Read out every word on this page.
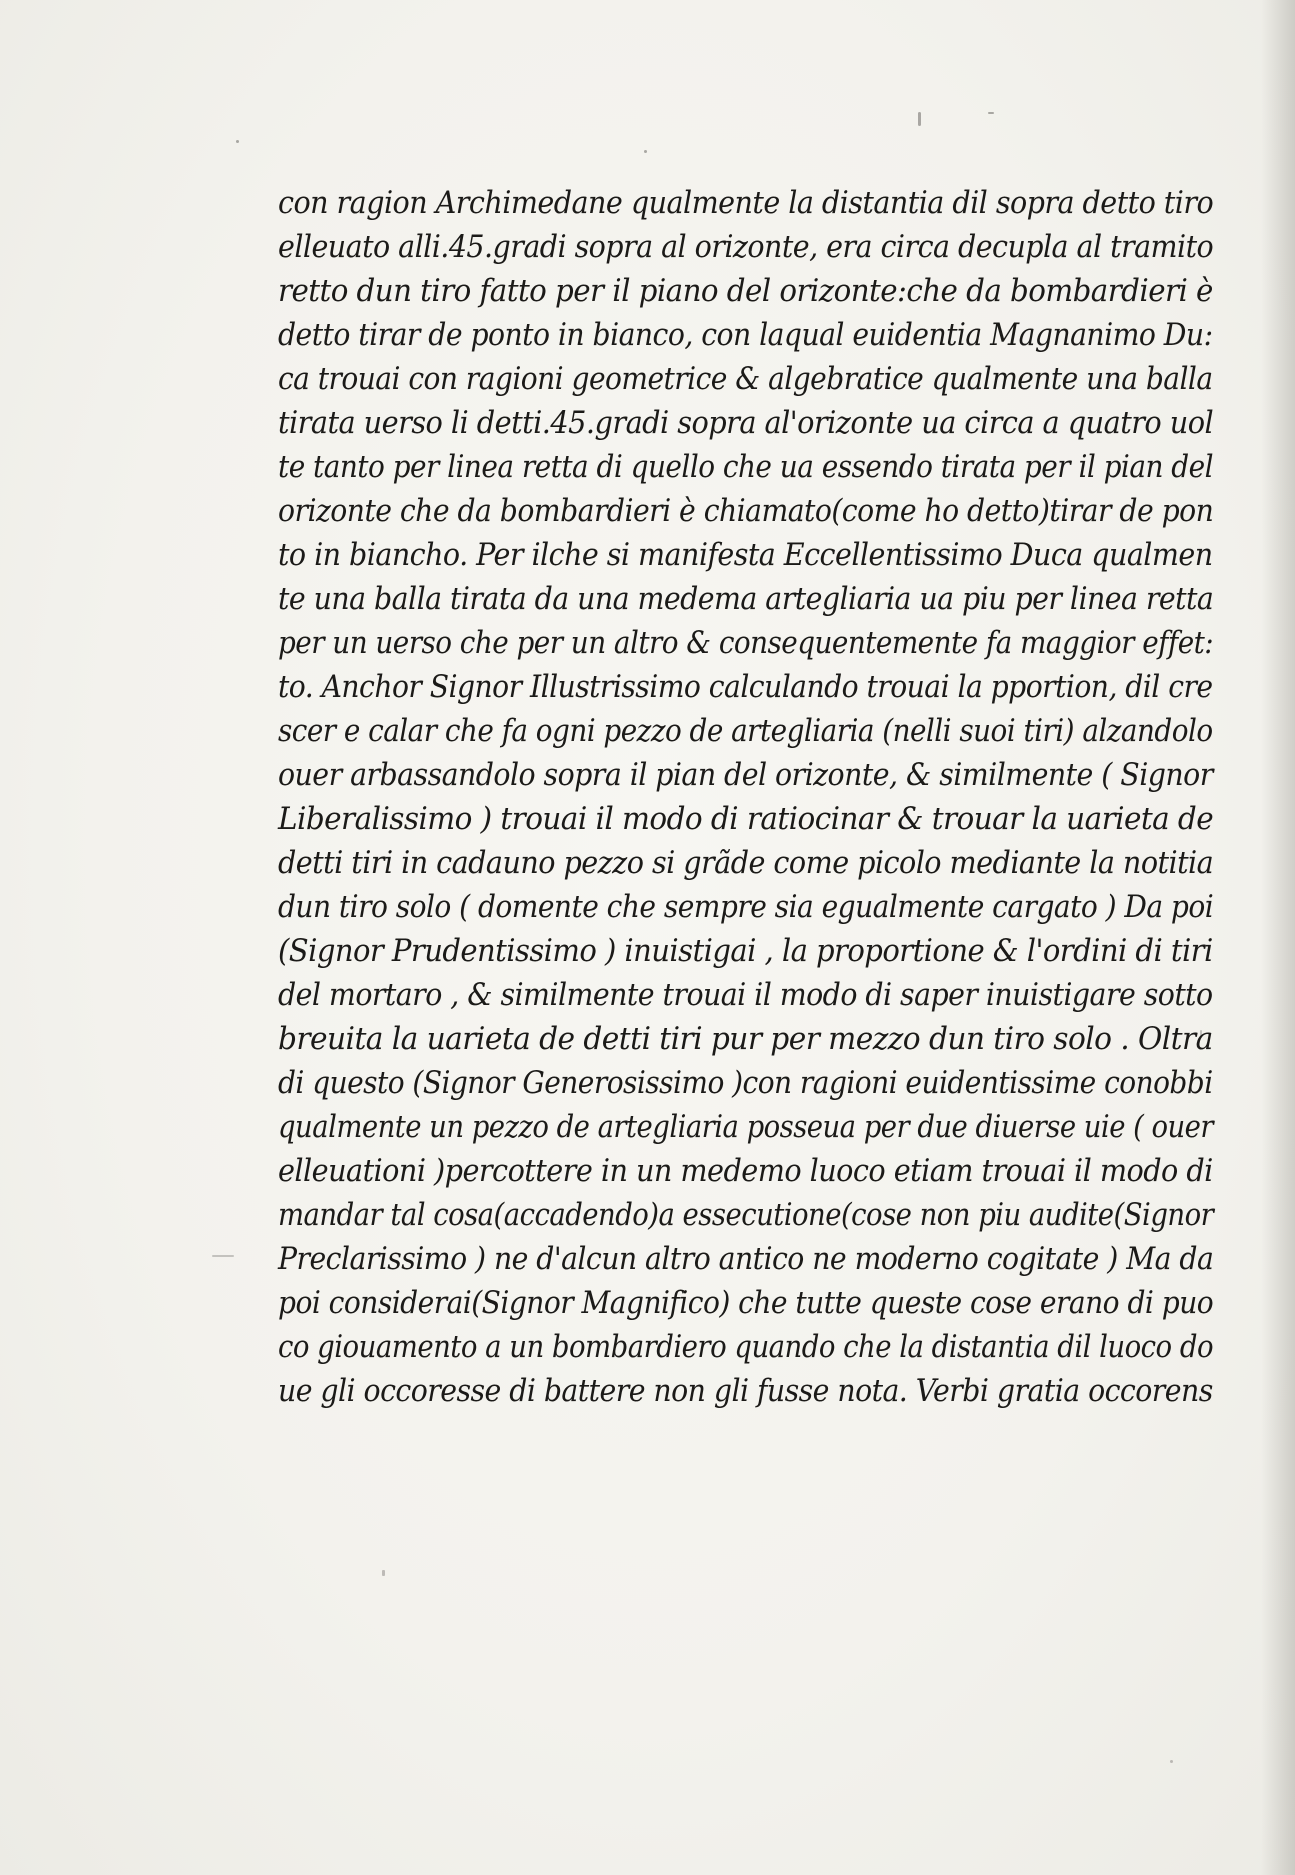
con ragion Archimedane qualmente la distantia dil sopra detto tiro
elleuato alli.45.gradi sopra al orizonte, era circa decupla al tramito
retto dun tiro fatto per il piano del orizonte:che da bombardieri è
detto tirar de ponto in bianco, con laqual euidentia Magnanimo Du:
ca trouai con ragioni geometrice & algebratice qualmente una balla
tirata uerso li detti.45.gradi sopra al'orizonte ua circa a quatro uol
te tanto per linea retta di quello che ua essendo tirata per il pian del
orizonte che da bombardieri è chiamato(come ho detto)tirar de pon
to in biancho. Per ilche si manifesta Eccellentissimo Duca qualmen
te una balla tirata da una medema artegliaria ua piu per linea retta
per un uerso che per un altro & consequentemente fa maggior effet:
to. Anchor Signor Illustrissimo calculando trouai la pportion, dil cre
scer e calar che fa ogni pezzo de artegliaria (nelli suoi tiri) alzandolo
ouer arbassandolo sopra il pian del orizonte, & similmente ( Signor
Liberalissimo ) trouai il modo di ratiocinar & trouar la uarieta de
detti tiri in cadauno pezzo si grãde come picolo mediante la notitia
dun tiro solo ( domente che sempre sia egualmente cargato ) Da poi
(Signor Prudentissimo ) inuistigai , la proportione & l'ordini di tiri
del mortaro , & similmente trouai il modo di saper inuistigare sotto
breuita la uarieta de detti tiri pur per mezzo dun tiro solo . Oltra
di questo (Signor Generosissimo )con ragioni euidentissime conobbi
qualmente un pezzo de artegliaria posseua per due diuerse uie ( ouer
elleuationi )percottere in un medemo luoco etiam trouai il modo di
mandar tal cosa(accadendo)a essecutione(cose non piu audite(Signor
Preclarissimo ) ne d'alcun altro antico ne moderno cogitate ) Ma da
poi considerai(Signor Magnifico) che tutte queste cose erano di puo
co giouamento a un bombardiero quando che la distantia dil luoco do
ue gli occoresse di battere non gli fusse nota. Verbi gratia occorens
